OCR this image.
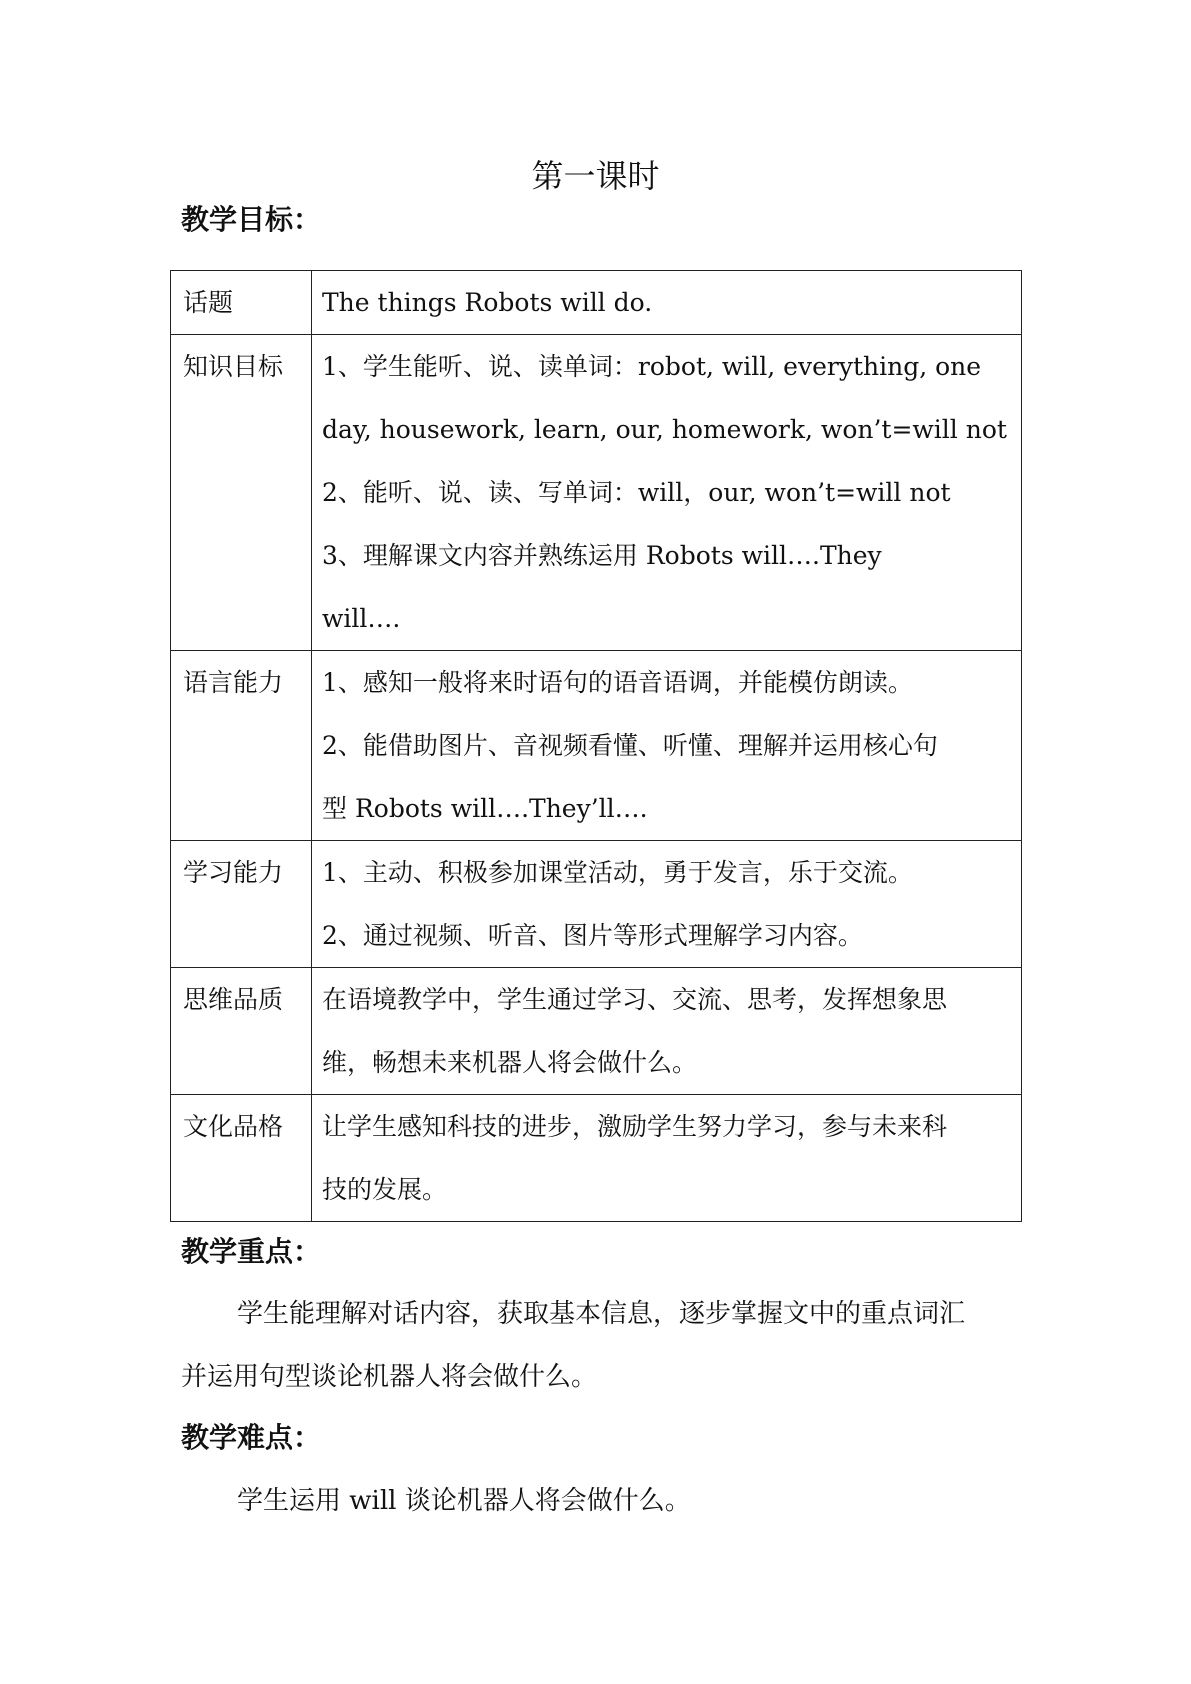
第一课时
教学目标：
话题	The things Robots will do.

知识目标	1、学生能听、说、读单词：robot, will, everything, one
day, housework, learn, our, homework, won’t=will not
2、能听、说、读、写单词：will，our, won’t=will not
3、理解课文内容并熟练运用 Robots will….They
will….

语言能力	1、感知一般将来时语句的语音语调，并能模仿朗读。
2、能借助图片、音视频看懂、听懂、理解并运用核心句
型 Robots will….They’ll….

学习能力	1、主动、积极参加课堂活动，勇于发言，乐于交流。
2、通过视频、听音、图片等形式理解学习内容。

思维品质	在语境教学中，学生通过学习、交流、思考，发挥想象思
维，畅想未来机器人将会做什么。

文化品格	让学生感知科技的进步，激励学生努力学习，参与未来科
技的发展。
教学重点：
学生能理解对话内容，获取基本信息，逐步掌握文中的重点词汇
并运用句型谈论机器人将会做什么。
教学难点：
学生运用 will 谈论机器人将会做什么。
